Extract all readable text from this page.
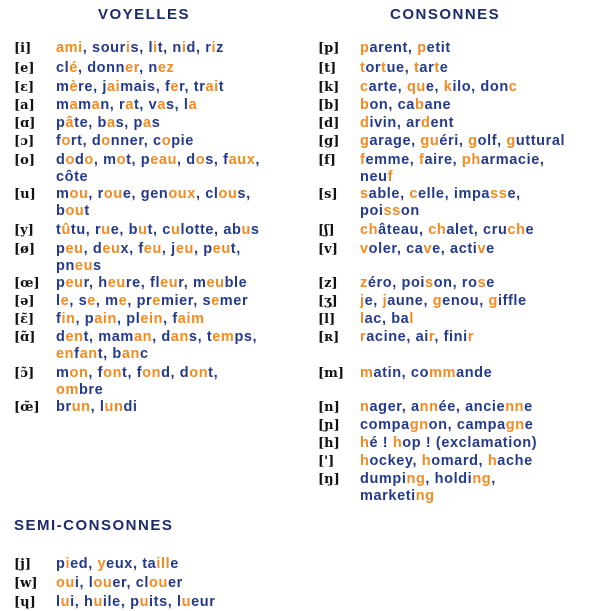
VOYELLES	CONSONNES
SEMI-CONSONNES
[i]	ami, souris, lit, nid, riz
[e]	clé, donner, nez
[ɛ]	mère, jaimais, fer, trait
[a]	maman, rat, vas, la
[ɑ]	pâte, bas, pas
[ɔ]	fort, donner, copie
[o]	dodo, mot, peau, dos, faux,
côte
[u]	mou, roue, genoux, clous,
bout
[y]	tûtu, rue, but, culotte, abus
[ø]	peu, deux, feu, jeu, peut,
pneus
[œ]	peur, heure, fleur, meuble
[ə]	le, se, me, premier, semer
[ɛ̃]	fin, pain, plein, faim
[ɑ̃]	dent, maman, dans, temps,
enfant, banc
[ɔ̃]	mon, font, fond, dont,
ombre
[œ̃]	brun, lundi
[p]	parent, petit
[t]	tortue, tarte
[k]	carte, que, kilo, donc
[b]	bon, cabane
[d]	divin, ardent
[g]	garage, guéri, golf, guttural
[f]	femme, faire, pharmacie,
neuf
[s]	sable, celle, impasse,
poisson
[ʃ]	château, chalet, cruche
[v]	voler, cave, active
[z]	zéro, poison, rose
[ʒ]	je, jaune, genou, giffle
[l]	lac, bal
[ʀ]	racine, air, finir
[m]	matin, commande
[n]	nager, année, ancienne
[ɲ]	compagnon, campagne
[h]	hé ! hop ! (exclamation)
[']	hockey, homard, hache
[ŋ]	dumping, holding,
marketing
[j]	pied, yeux, taille
[w]	oui, louer, clouer
[ɥ]	lui, huile, puits, lueur
